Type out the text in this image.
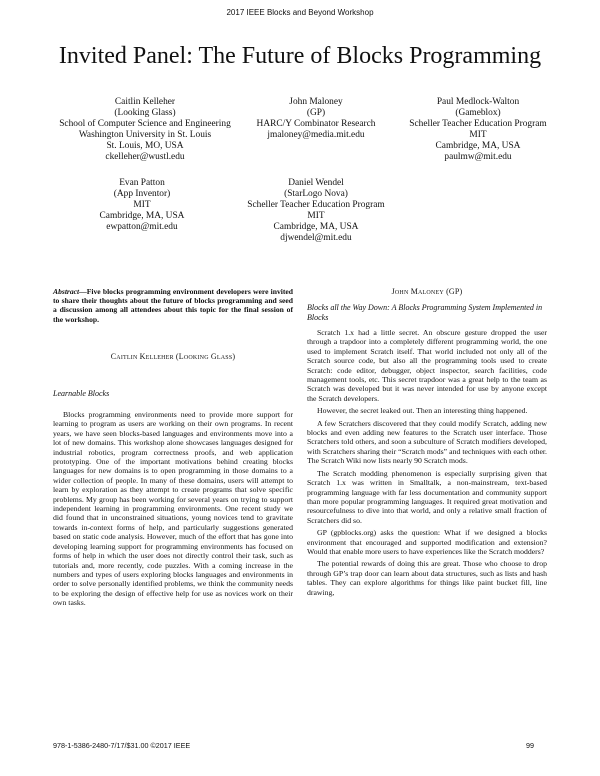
2017 IEEE Blocks and Beyond Workshop
Invited Panel: The Future of Blocks Programming
Caitlin Kelleher
(Looking Glass)
School of Computer Science and Engineering
Washington University in St. Louis
St. Louis, MO, USA
ckelleher@wustl.edu
John Maloney
(GP)
HARC/Y Combinator Research
jmaloney@media.mit.edu
Paul Medlock-Walton
(Gameblox)
Scheller Teacher Education Program
MIT
Cambridge, MA, USA
paulmw@mit.edu
Evan Patton
(App Inventor)
MIT
Cambridge, MA, USA
ewpatton@mit.edu
Daniel Wendel
(StarLogo Nova)
Scheller Teacher Education Program
MIT
Cambridge, MA, USA
djwendel@mit.edu
Abstract—Five blocks programming environment developers were invited to share their thoughts about the future of blocks programming and seed a discussion among all attendees about this topic for the final session of the workshop.
Caitlin Kelleher (Looking Glass)
Learnable Blocks

Blocks programming environments need to provide more support for learning to program as users are working on their own programs. In recent years, we have seen blocks-based languages and environments move into a lot of new domains. This workshop alone showcases languages designed for industrial robotics, program correctness proofs, and web application prototyping. One of the important motivations behind creating blocks languages for new domains is to open programming in those domains to a wider collection of people. In many of these domains, users will attempt to learn by exploration as they attempt to create programs that solve specific problems. My group has been working for several years on trying to support independent learning in programming environments. One recent study we did found that in unconstrained situations, young novices tend to gravitate towards in-context forms of help, and particularly suggestions generated based on static code analysis. However, much of the effort that has gone into developing learning support for programming environments has focused on forms of help in which the user does not directly control their task, such as tutorials and, more recently, code puzzles. With a coming increase in the numbers and types of users exploring blocks languages and environments in order to solve personally identified problems, we think the community needs to be exploring the design of effective help for use as novices work on their own tasks.

John Maloney (GP)
Blocks all the Way Down: A Blocks Programming System Implemented in Blocks

Scratch 1.x had a little secret. An obscure gesture dropped the user through a trapdoor into a completely different programming world, the one used to implement Scratch itself. That world included not only all of the Scratch source code, but also all the programming tools used to create Scratch: code editor, debugger, object inspector, search facilities, code management tools, etc. This secret trapdoor was a great help to the team as Scratch was developed but it was never intended for use by anyone except the Scratch developers.

However, the secret leaked out. Then an interesting thing happened.

A few Scratchers discovered that they could modify Scratch, adding new blocks and even adding new features to the Scratch user interface. Those Scratchers told others, and soon a subculture of Scratch modifiers developed, with Scratchers sharing their “Scratch mods” and techniques with each other. The Scratch Wiki now lists nearly 90 Scratch mods.

The Scratch modding phenomenon is especially surprising given that Scratch 1.x was written in Smalltalk, a non-mainstream, text-based programming language with far less documentation and community support than more popular programming languages. It required great motivation and resourcefulness to dive into that world, and only a relative small fraction of Scratchers did so.

GP (gpblocks.org) asks the question: What if we designed a blocks environment that encouraged and supported modification and extension? Would that enable more users to have experiences like the Scratch modders?

The potential rewards of doing this are great. Those who choose to drop through GP’s trap door can learn about data structures, such as lists and hash tables. They can explore algorithms for things like paint bucket fill, line drawing,

978-1-5386-2480-7/17/$31.00 ©2017 IEEE	99
